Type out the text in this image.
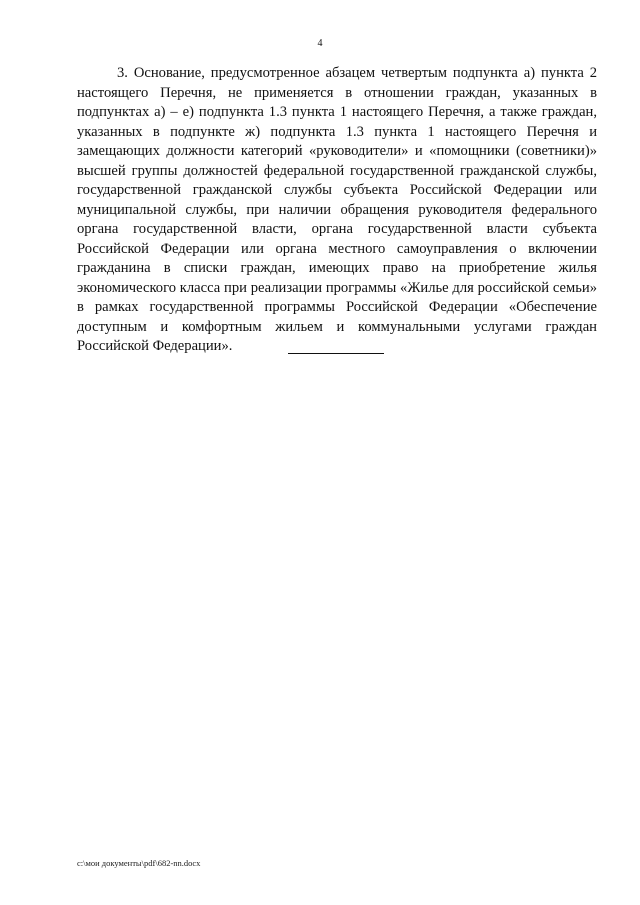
4

3. Основание, предусмотренное абзацем четвертым подпункта а) пункта 2 настоящего Перечня, не применяется в отношении граждан, указанных в подпунктах а) – е) подпункта 1.3 пункта 1 настоящего Перечня, а также граждан, указанных в подпункте ж) подпункта 1.3 пункта 1 настоящего Перечня и замещающих должности категорий «руководители» и «помощники (советники)» высшей группы должностей федеральной государственной гражданской службы, государственной гражданской службы субъекта Российской Федерации или муниципальной службы, при наличии обращения руководителя федерального органа государственной власти, органа государственной власти субъекта Российской Федерации или органа местного самоуправления о включении гражданина в списки граждан, имеющих право на приобретение жилья экономического класса при реализации программы «Жилье для российской семьи» в рамках государственной программы Российской Федерации «Обеспечение доступным и комфортным жильем и коммунальными услугами граждан Российской Федерации».

c:\мои документы\pdf\682-nn.docx
